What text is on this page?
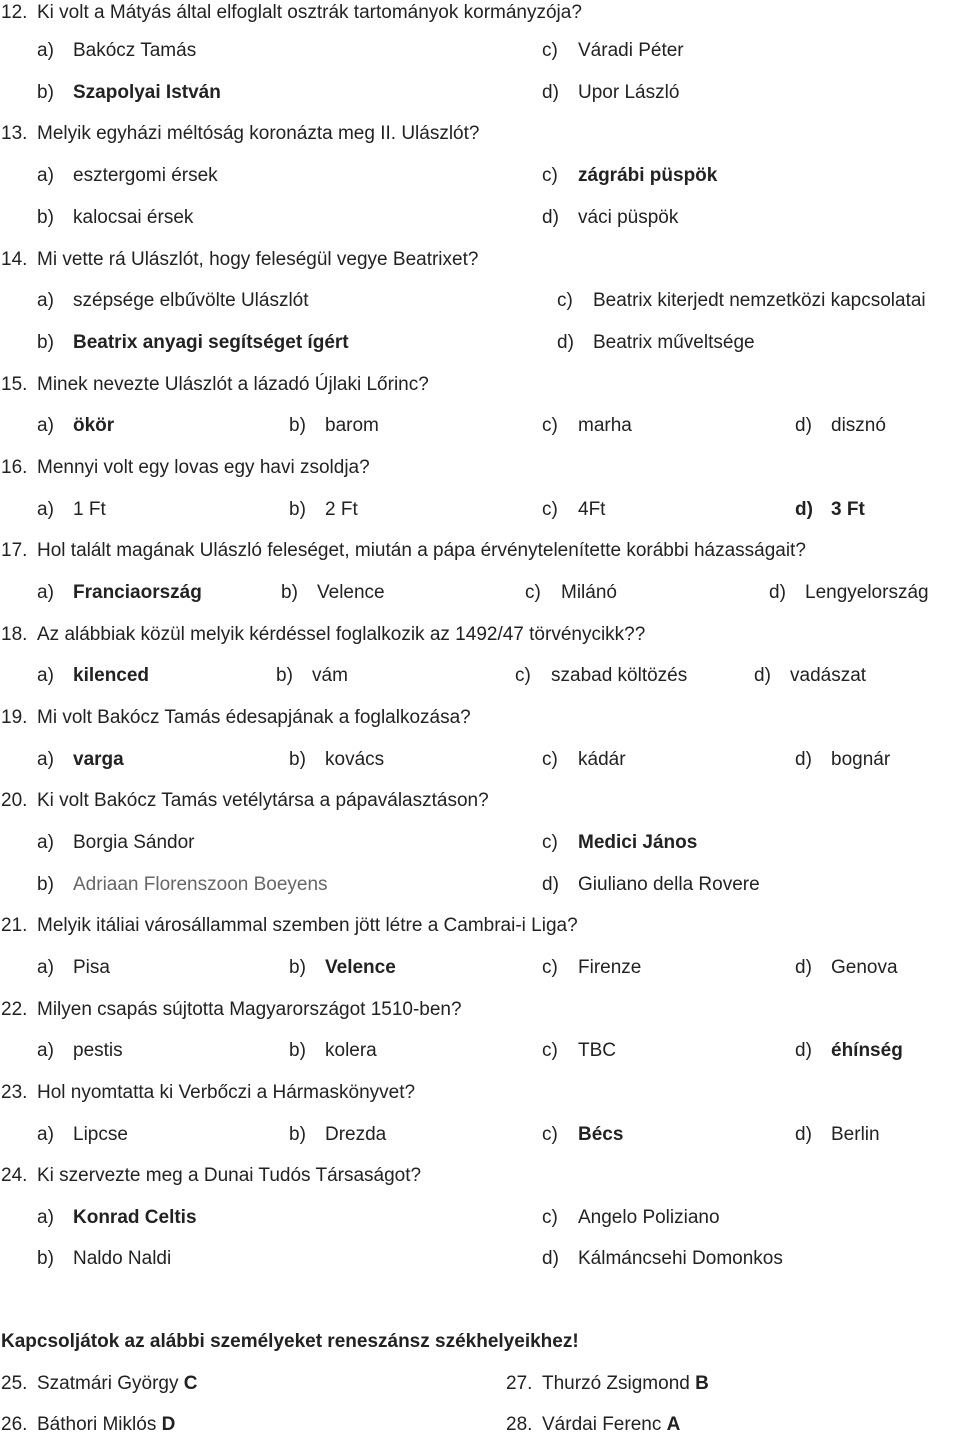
12. Ki volt a Mátyás által elfoglalt osztrák tartományok kormányzója?
a) Bakócz Tamás	c) Váradi Péter
b) Szapolyai István	d) Upor László
13. Melyik egyházi méltóság koronázta meg II. Ulászlót?
a) esztergomi érsek	c) zágrábi püspök
b) kalocsai érsek	d) váci püspök
14. Mi vette rá Ulászlót, hogy feleségül vegye Beatrixet?
a) szépsége elbűvölte Ulászlót	c) Beatrix kiterjedt nemzetközi kapcsolatai
b) Beatrix anyagi segítséget ígért	d) Beatrix műveltsége
15. Minek nevezte Ulászlót a lázadó Újlaki Lőrinc?
a) ökör	b) barom	c) marha	d) disznó
16. Mennyi volt egy lovas egy havi zsoldja?
a) 1 Ft	b) 2 Ft	c) 4Ft	d) 3 Ft
17. Hol talált magának Ulászló feleséget, miután a pápa érvénytelenítette korábbi házasságait?
a) Franciaország	b) Velence	c) Milánó	d) Lengyelország
18. Az alábbiak közül melyik kérdéssel foglalkozik az 1492/47 törvénycikk??
a) kilenced	b) vám	c) szabad költözés	d) vadászat
19. Mi volt Bakócz Tamás édesapjának a foglalkozása?
a) varga	b) kovács	c) kádár	d) bognár
20. Ki volt Bakócz Tamás vetélytársa a pápaválasztáson?
a) Borgia Sándor	c) Medici János
b) Adriaan Florenszoon Boeyens	d) Giuliano della Rovere
21. Melyik itáliai városállammal szemben jött létre a Cambrai-i Liga?
a) Pisa	b) Velence	c) Firenze	d) Genova
22. Milyen csapás sújtotta Magyarországot 1510-ben?
a) pestis	b) kolera	c) TBC	d) éhínség
23. Hol nyomtatta ki Verbőczi a Hármaskönyvet?
a) Lipcse	b) Drezda	c) Bécs	d) Berlin
24. Ki szervezte meg a Dunai Tudós Társaságot?
a) Konrad Celtis	c) Angelo Poliziano
b) Naldo Naldi	d) Kálmáncsehi Domonkos
Kapcsoljátok az alábbi személyeket reneszánsz székhelyeikhez!
25. Szatmári György C	27. Thurzó Zsigmond B
26. Báthori Miklós D	28. Várdai Ferenc A
